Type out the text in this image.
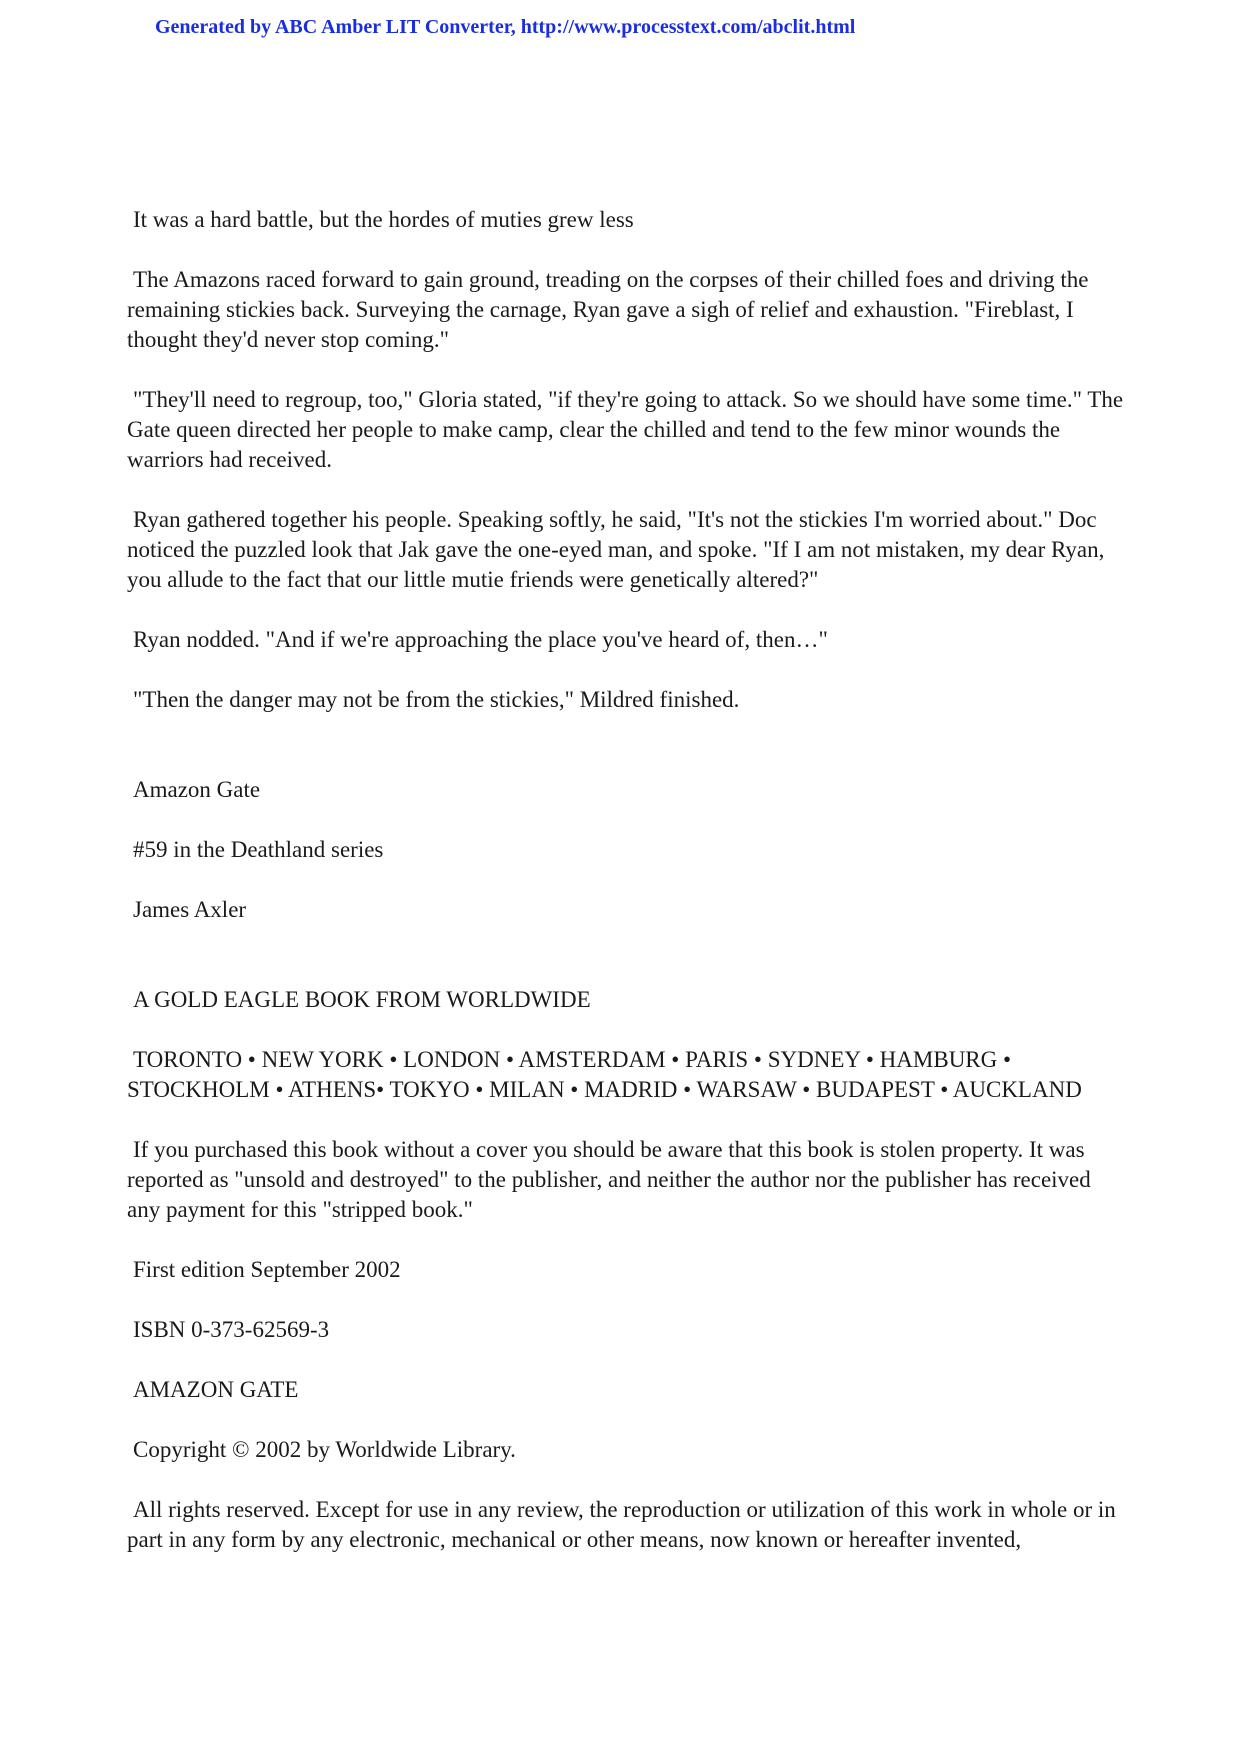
Generated by ABC Amber LIT Converter, http://www.processtext.com/abclit.html

It was a hard battle, but the hordes of muties grew less

The Amazons raced forward to gain ground, treading on the corpses of their chilled foes and driving the remaining stickies back. Surveying the carnage, Ryan gave a sigh of relief and exhaustion. "Fireblast, I thought they'd never stop coming."

"They'll need to regroup, too," Gloria stated, "if they're going to attack. So we should have some time." The Gate queen directed her people to make camp, clear the chilled and tend to the few minor wounds the warriors had received.

Ryan gathered together his people. Speaking softly, he said, "It's not the stickies I'm worried about." Doc noticed the puzzled look that Jak gave the one-eyed man, and spoke. "If I am not mistaken, my dear Ryan, you allude to the fact that our little mutie friends were genetically altered?"

Ryan nodded. "And if we're approaching the place you've heard of, then…"

"Then the danger may not be from the stickies," Mildred finished.

Amazon Gate

#59 in the Deathland series

James Axler

A GOLD EAGLE BOOK FROM WORLDWIDE

TORONTO • NEW YORK • LONDON • AMSTERDAM • PARIS • SYDNEY • HAMBURG • STOCKHOLM • ATHENS• TOKYO • MILAN • MADRID • WARSAW • BUDAPEST • AUCKLAND

If you purchased this book without a cover you should be aware that this book is stolen property. It was reported as "unsold and destroyed" to the publisher, and neither the author nor the publisher has received any payment for this "stripped book."

First edition September 2002

ISBN 0-373-62569-3

AMAZON GATE

Copyright © 2002 by Worldwide Library.

All rights reserved. Except for use in any review, the reproduction or utilization of this work in whole or in part in any form by any electronic, mechanical or other means, now known or hereafter invented,
